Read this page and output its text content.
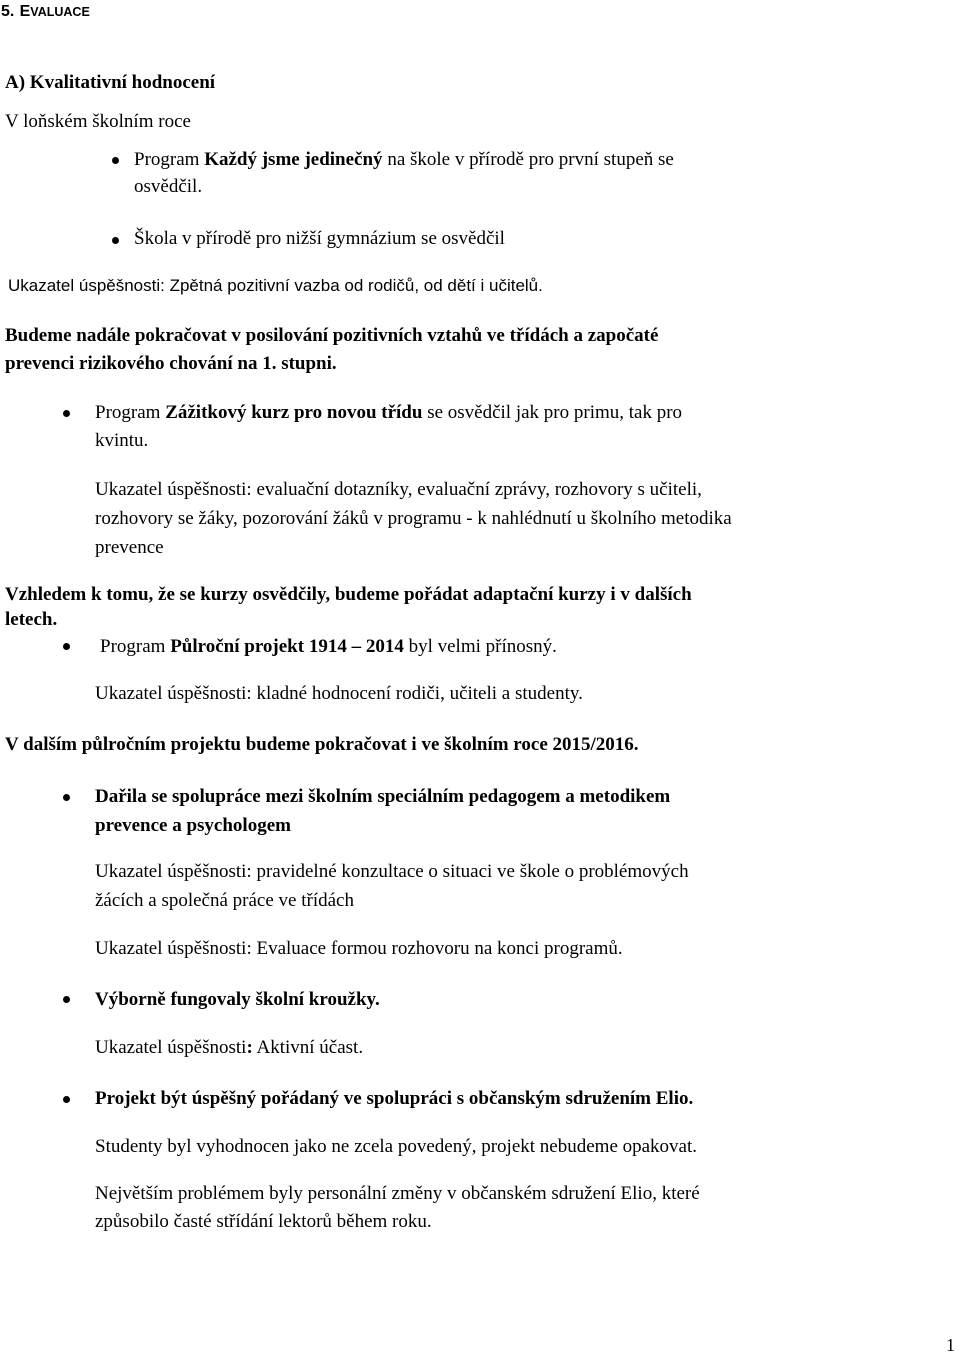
5. EVALUACE
A) Kvalitativní hodnocení
V loňském školním roce
Program Každý jsme jedinečný na škole v přírodě pro první stupeň se
osvědčil.
Škola v přírodě pro nižší gymnázium se osvědčil
Ukazatel úspěšnosti: Zpětná pozitivní vazba od rodičů, od dětí i učitelů.
Budeme nadále pokračovat v posilování pozitivních vztahů ve třídách a započaté
prevenci rizikového chování na 1. stupni.
Program Zážitkový kurz pro novou třídu se osvědčil jak pro primu, tak pro
kvintu.
Ukazatel úspěšnosti: evaluační dotazníky, evaluační zprávy, rozhovory s učiteli,
rozhovory se žáky, pozorování žáků v programu - k nahlédnutí u školního metodika
prevence
Vzhledem k tomu, že se kurzy osvědčily, budeme pořádat adaptační kurzy i v dalších
letech.
Program Půlroční projekt 1914 – 2014 byl velmi přínosný.
Ukazatel úspěšnosti: kladné hodnocení rodiči, učiteli a studenty.
V dalším půlročním projektu budeme pokračovat i ve školním roce 2015/2016.
Dařila se spolupráce mezi školním speciálním pedagogem a metodikem
prevence a psychologem
Ukazatel úspěšnosti: pravidelné konzultace o situaci ve škole o problémových
žácích a společná práce ve třídách
Ukazatel úspěšnosti: Evaluace formou rozhovoru na konci programů.
Výborně fungovaly školní kroužky.
Ukazatel úspěšnosti: Aktivní účast.
Projekt být úspěšný pořádaný ve spolupráci s občanským sdružením Elio.
Studenty byl vyhodnocen jako ne zcela povedený, projekt nebudeme opakovat.
Největším problémem byly personální změny v občanském sdružení Elio, které
způsobilo časté střídání lektorů během roku.
1
